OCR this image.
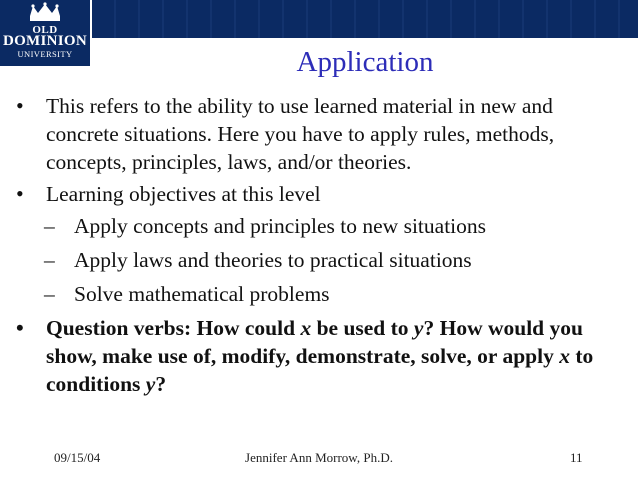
OLD
DOMINION
UNIVERSITY	Application
• This refers to the ability to use learned material in new and concrete situations. Here you have to apply rules, methods, concepts, principles, laws, and/or theories.
• Learning objectives at this level
– Apply concepts and principles to new situations
– Apply laws and theories to practical situations
– Solve mathematical problems
• Question verbs: How could x be used to y? How would you show, make use of, modify, demonstrate, solve, or apply x to conditions y?
09/15/04	Jennifer Ann Morrow, Ph.D.	11
